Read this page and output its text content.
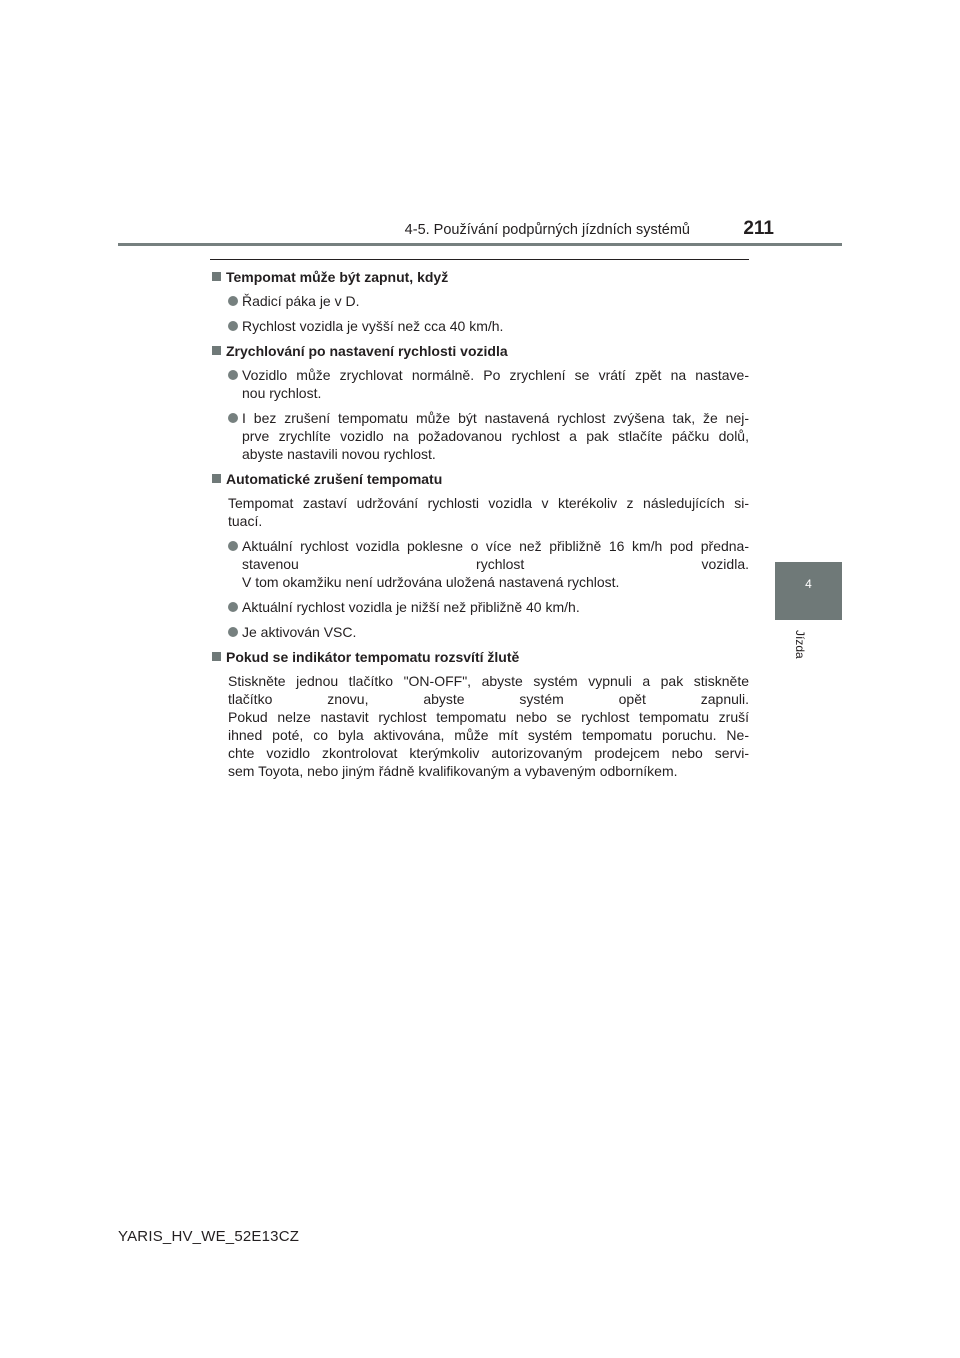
4-5. Používání podpůrných jízdních systémů	211
4
Jízda
Tempomat může být zapnut, když
Řadicí páka je v D.
Rychlost vozidla je vyšší než cca 40 km/h.
Zrychlování po nastavení rychlosti vozidla
Vozidlo může zrychlovat normálně. Po zrychlení se vrátí zpět na nastave-
nou rychlost.
I bez zrušení tempomatu může být nastavená rychlost zvýšena tak, že nej-
prve zrychlíte vozidlo na požadovanou rychlost a pak stlačíte páčku dolů,
abyste nastavili novou rychlost.
Automatické zrušení tempomatu
Tempomat zastaví udržování rychlosti vozidla v kterékoliv z následujících si-
tuací.
Aktuální rychlost vozidla poklesne o více než přibližně 16 km/h pod předna-
stavenou rychlost vozidla.
V tom okamžiku není udržována uložená nastavená rychlost.
Aktuální rychlost vozidla je nižší než přibližně 40 km/h.
Je aktivován VSC.
Pokud se indikátor tempomatu rozsvítí žlutě
Stiskněte jednou tlačítko "ON-OFF", abyste systém vypnuli a pak stiskněte
tlačítko znovu, abyste systém opět zapnuli.
Pokud nelze nastavit rychlost tempomatu nebo se rychlost tempomatu zruší
ihned poté, co byla aktivována, může mít systém tempomatu poruchu. Ne-
chte vozidlo zkontrolovat kterýmkoliv autorizovaným prodejcem nebo servi-
sem Toyota, nebo jiným řádně kvalifikovaným a vybaveným odborníkem.
YARIS_HV_WE_52E13CZ
